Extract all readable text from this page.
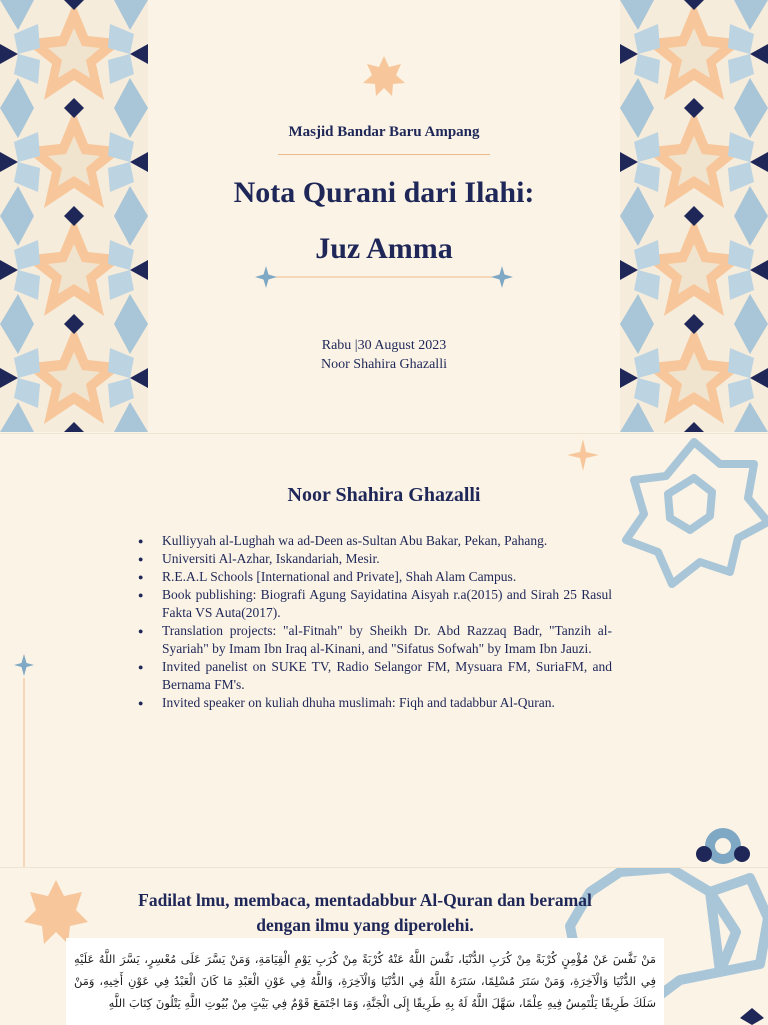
Masjid Bandar Baru Ampang
Nota Qurani dari Ilahi:
Juz Amma
Rabu |30 August 2023
Noor Shahira Ghazalli
Noor Shahira Ghazalli
● Kulliyyah al-Lughah wa ad-Deen as-Sultan Abu Bakar, Pekan, Pahang.
● Universiti Al-Azhar, Iskandariah, Mesir.
● R.E.A.L Schools [International and Private], Shah Alam Campus.
● Book publishing: Biografi Agung Sayidatina Aisyah r.a(2015) and Sirah 25 Rasul Fakta VS Auta(2017).
● Translation projects: "al-Fitnah" by Sheikh Dr. Abd Razzaq Badr, "Tanzih al-Syariah" by Imam Ibn Iraq al-Kinani, and "Sifatus Sofwah" by Imam Ibn Jauzi.
● Invited panelist on SUKE TV, Radio Selangor FM, Mysuara FM, SuriaFM, and Bernama FM's.
● Invited speaker on kuliah dhuha muslimah: Fiqh and tadabbur Al-Quran.
Fadilat lmu, membaca, mentadabbur Al-Quran dan beramal dengan ilmu yang diperolehi.
مَنْ نَفَّسَ عَنْ مُؤْمِنٍ كُرْبَةً مِنْ كُرَبِ الدُّنْيَا، نَفَّسَ اللَّهُ عَنْهُ كُرْبَةً مِنْ كُرَبِ يَوْمِ الْقِيَامَةِ، وَمَنْ يَسَّرَ عَلَى مُعْسِرٍ، يَسَّرَ اللَّهُ عَلَيْهِ فِي الدُّنْيَا وَالْآخِرَةِ، وَمَنْ سَتَرَ مُسْلِمًا، سَتَرَهُ اللَّهُ فِي الدُّنْيَا وَالْآخِرَةِ، وَاللَّهُ فِي عَوْنِ الْعَبْدِ مَا كَانَ الْعَبْدُ فِي عَوْنِ أَخِيهِ، وَمَنْ سَلَكَ طَرِيقًا يَلْتَمِسُ فِيهِ عِلْمًا، سَهَّلَ اللَّهُ لَهُ بِهِ طَرِيقًا إِلَى الْجَنَّةِ، وَمَا اجْتَمَعَ قَوْمٌ فِي بَيْتٍ مِنْ بُيُوتِ اللَّهِ يَتْلُونَ كِتَابَ اللَّهِ
